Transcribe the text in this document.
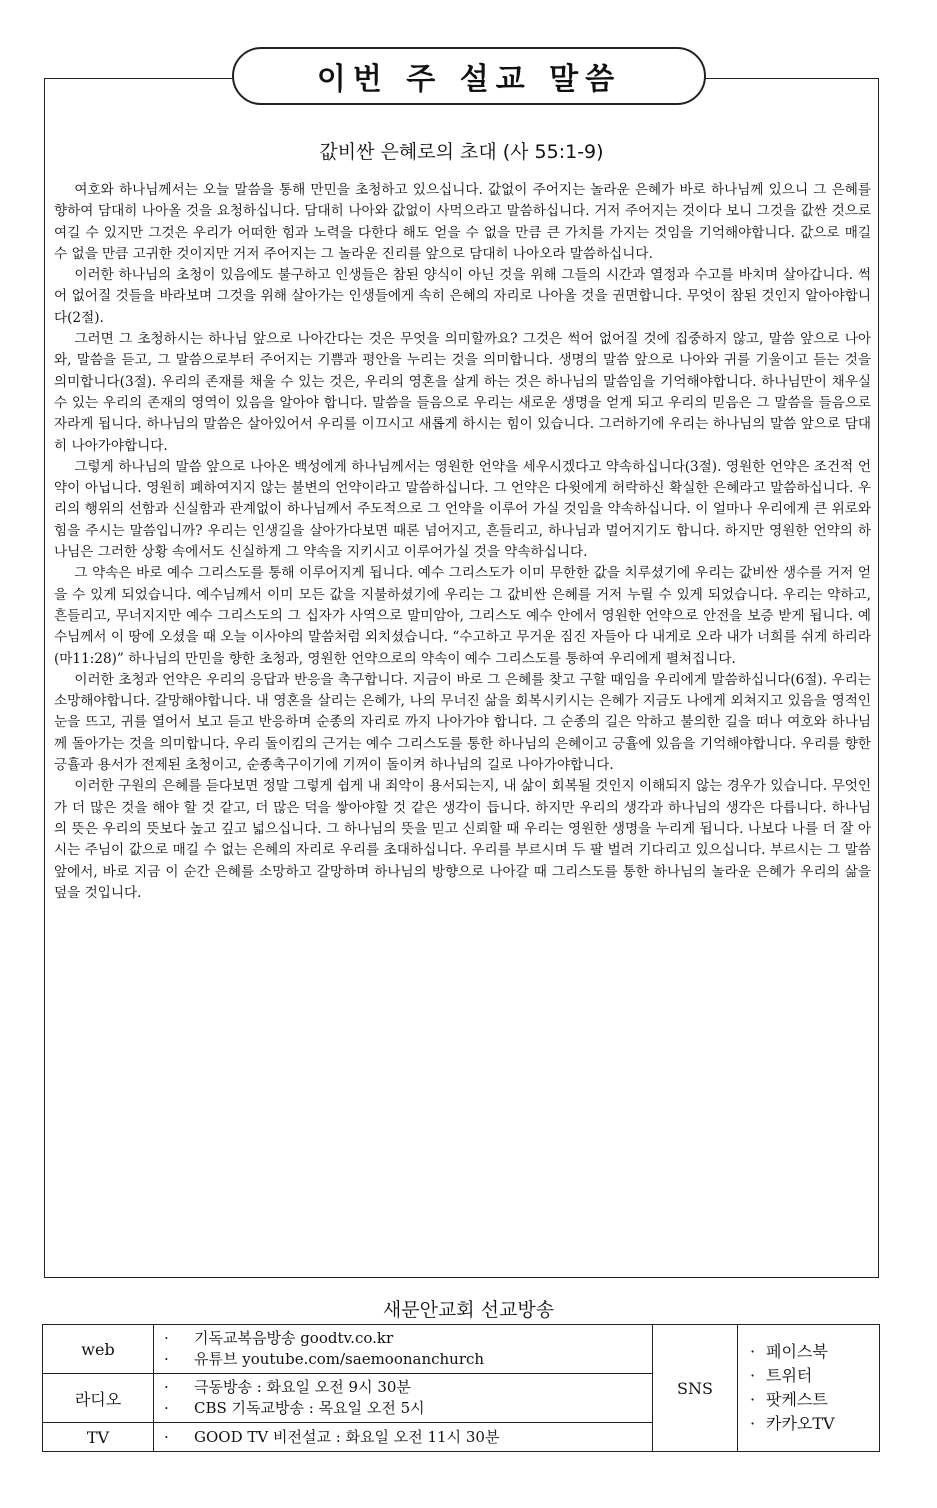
이번 주 설교 말씀
값비싼 은혜로의 초대 (사 55:1-9)

여호와 하나님께서는 오늘 말씀을 통해 만민을 초청하고 있으십니다. 값없이 주어지는 놀라운 은혜가 바로 하나님께 있으니 그 은혜를 향하여 담대히 나아올 것을 요청하십니다. 담대히 나아와 값없이 사먹으라고 말씀하십니다. 거저 주어지는 것이다 보니 그것을 값싼 것으로 여길 수 있지만 그것은 우리가 어떠한 힘과 노력을 다한다 해도 얻을 수 없을 만큼 큰 가치를 가지는 것임을 기억해야합니다. 값으로 매길 수 없을 만큼 고귀한 것이지만 거저 주어지는 그 놀라운 진리를 앞으로 담대히 나아오라 말씀하십니다.

이러한 하나님의 초청이 있음에도 불구하고 인생들은 참된 양식이 아닌 것을 위해 그들의 시간과 열정과 수고를 바치며 살아갑니다. 썩어 없어질 것들을 바라보며 그것을 위해 살아가는 인생들에게 속히 은혜의 자리로 나아올 것을 권면합니다. 무엇이 참된 것인지 알아야합니다(2절).

그러면 그 초청하시는 하나님 앞으로 나아간다는 것은 무엇을 의미할까요? 그것은 썩어 없어질 것에 집중하지 않고, 말씀 앞으로 나아와, 말씀을 듣고, 그 말씀으로부터 주어지는 기쁨과 평안을 누리는 것을 의미합니다. 생명의 말씀 앞으로 나아와 귀를 기울이고 듣는 것을 의미합니다(3절). 우리의 존재를 채울 수 있는 것은, 우리의 영혼을 살게 하는 것은 하나님의 말씀임을 기억해야합니다. 하나님만이 채우실 수 있는 우리의 존재의 영역이 있음을 알아야 합니다. 말씀을 들음으로 우리는 새로운 생명을 얻게 되고 우리의 믿음은 그 말씀을 들음으로 자라게 됩니다. 하나님의 말씀은 살아있어서 우리를 이끄시고 새롭게 하시는 힘이 있습니다. 그러하기에 우리는 하나님의 말씀 앞으로 담대히 나아가야합니다.

그렇게 하나님의 말씀 앞으로 나아온 백성에게 하나님께서는 영원한 언약을 세우시겠다고 약속하십니다(3절). 영원한 언약은 조건적 언약이 아닙니다. 영원히 폐하여지지 않는 불변의 언약이라고 말씀하십니다. 그 언약은 다윗에게 허락하신 확실한 은혜라고 말씀하십니다. 우리의 행위의 선함과 신실함과 관계없이 하나님께서 주도적으로 그 언약을 이루어 가실 것임을 약속하십니다. 이 얼마나 우리에게 큰 위로와 힘을 주시는 말씀입니까? 우리는 인생길을 살아가다보면 때론 넘어지고, 흔들리고, 하나님과 멀어지기도 합니다. 하지만 영원한 언약의 하나님은 그러한 상황 속에서도 신실하게 그 약속을 지키시고 이루어가실 것을 약속하십니다.

그 약속은 바로 예수 그리스도를 통해 이루어지게 됩니다. 예수 그리스도가 이미 무한한 값을 치루셨기에 우리는 값비싼 생수를 거저 얻을 수 있게 되었습니다. 예수님께서 이미 모든 값을 지불하셨기에 우리는 그 값비싼 은혜를 거저 누릴 수 있게 되었습니다. 우리는 약하고, 흔들리고, 무너지지만 예수 그리스도의 그 십자가 사역으로 말미암아, 그리스도 예수 안에서 영원한 언약으로 안전을 보증 받게 됩니다. 예수님께서 이 땅에 오셨을 때 오늘 이사야의 말씀처럼 외치셨습니다. “수고하고 무거운 짐진 자들아 다 내게로 오라 내가 너희를 쉬게 하리라(마11:28)” 하나님의 만민을 향한 초청과, 영원한 언약으로의 약속이 예수 그리스도를 통하여 우리에게 펼쳐집니다.

이러한 초청과 언약은 우리의 응답과 반응을 촉구합니다. 지금이 바로 그 은혜를 찾고 구할 때임을 우리에게 말씀하십니다(6절). 우리는 소망해야합니다. 갈망해야합니다. 내 영혼을 살리는 은혜가, 나의 무너진 삶을 회복시키시는 은혜가 지금도 나에게 외쳐지고 있음을 영적인 눈을 뜨고, 귀를 열어서 보고 듣고 반응하며 순종의 자리로 까지 나아가야 합니다. 그 순종의 길은 악하고 불의한 길을 떠나 여호와 하나님께 돌아가는 것을 의미합니다. 우리 돌이킴의 근거는 예수 그리스도를 통한 하나님의 은혜이고 긍휼에 있음을 기억해야합니다. 우리를 향한 긍휼과 용서가 전제된 초청이고, 순종촉구이기에 기꺼이 돌이켜 하나님의 길로 나아가야합니다.

이러한 구원의 은혜를 듣다보면 정말 그렇게 쉽게 내 죄악이 용서되는지, 내 삶이 회복될 것인지 이해되지 않는 경우가 있습니다. 무엇인가 더 많은 것을 해야 할 것 같고, 더 많은 덕을 쌓아야할 것 같은 생각이 듭니다. 하지만 우리의 생각과 하나님의 생각은 다릅니다. 하나님의 뜻은 우리의 뜻보다 높고 깊고 넓으십니다. 그 하나님의 뜻을 믿고 신뢰할 때 우리는 영원한 생명을 누리게 됩니다. 나보다 나를 더 잘 아시는 주님이 값으로 매길 수 없는 은혜의 자리로 우리를 초대하십니다. 우리를 부르시며 두 팔 벌려 기다리고 있으십니다. 부르시는 그 말씀 앞에서, 바로 지금 이 순간 은혜를 소망하고 갈망하며 하나님의 방향으로 나아갈 때 그리스도를 통한 하나님의 놀라운 은혜가 우리의 삶을 덮을 것입니다.

새문안교회 선교방송
web	· 기독교복음방송 goodtv.co.kr
· 유튜브 youtube.com/saemoonanchurch	SNS	· 페이스북
· 트위터
· 팟케스트
· 카카오TV

라디오	· 극동방송 : 화요일 오전 9시 30분
· CBS 기독교방송 : 목요일 오전 5시		

TV	· GOOD TV 비전설교 : 화요일 오전 11시 30분		
